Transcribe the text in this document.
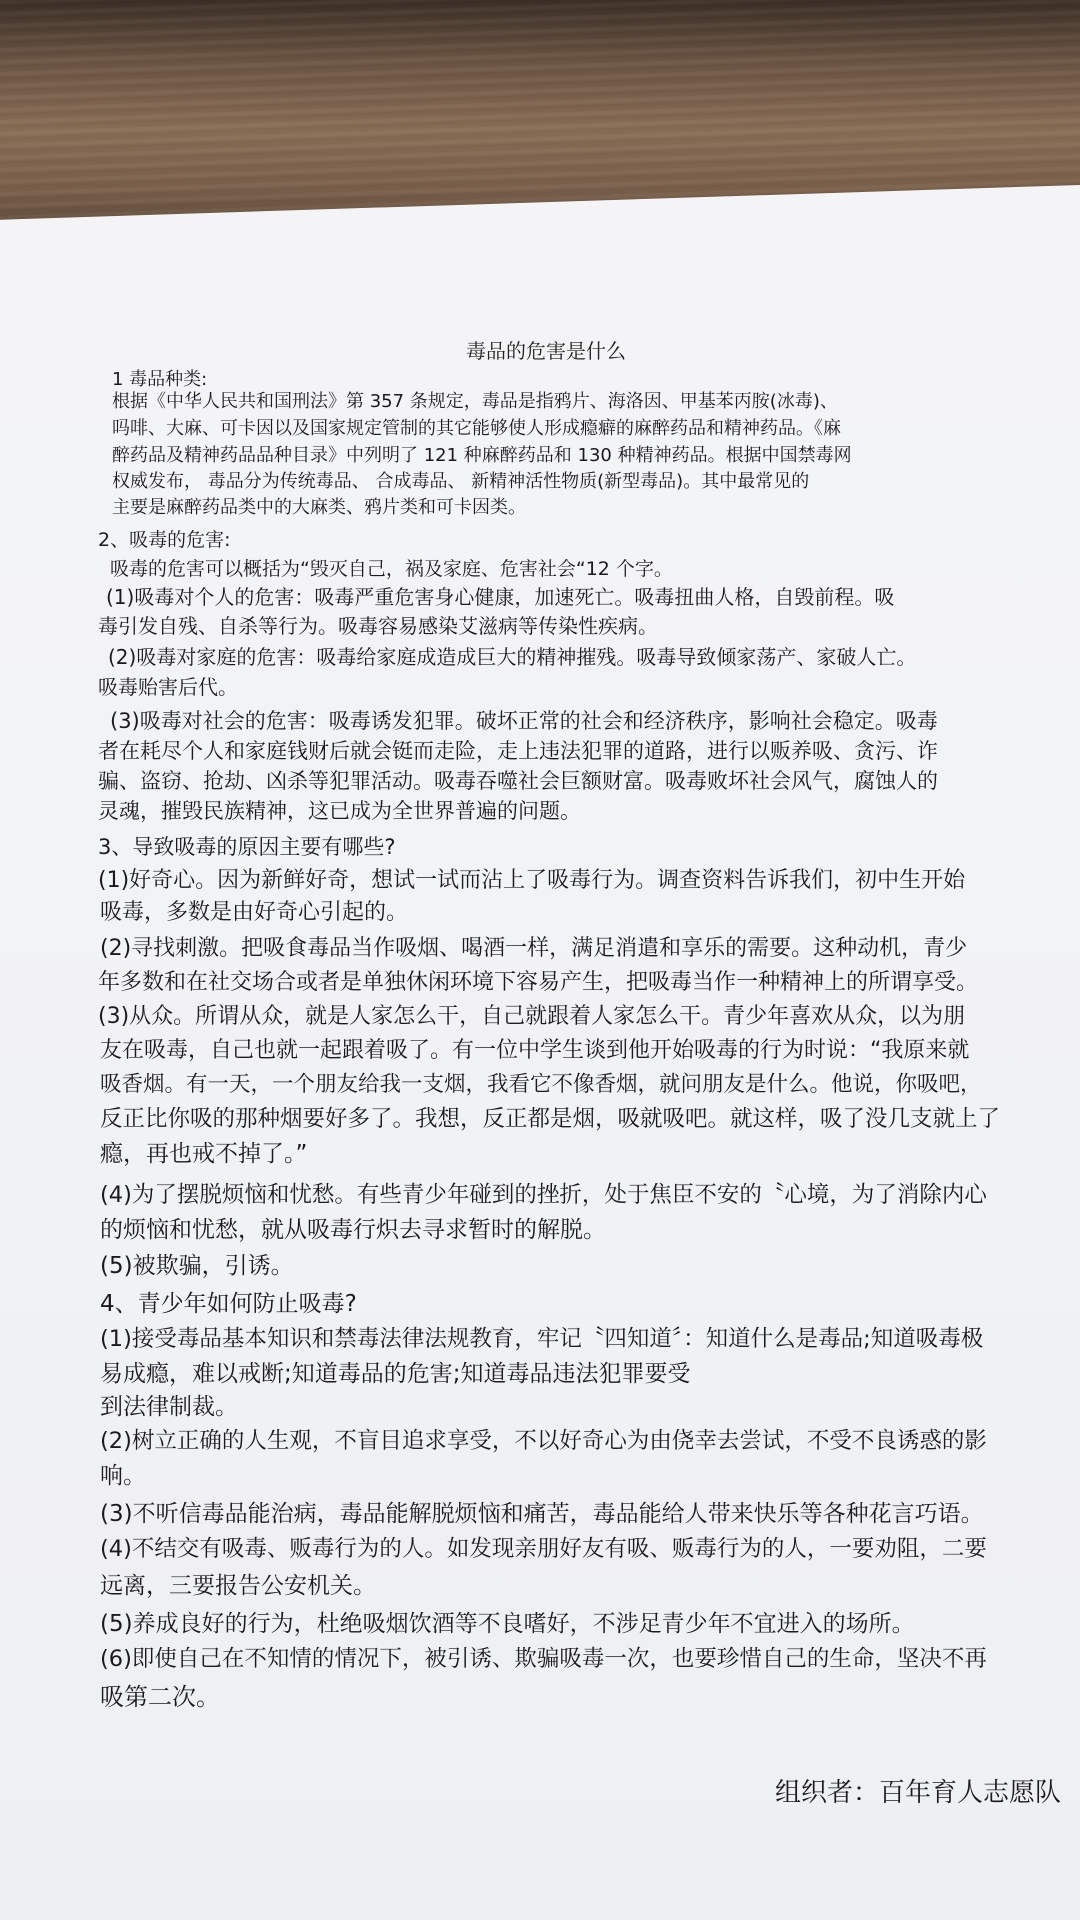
毒品的危害是什么
1 毒品种类:
根据《中华人民共和国刑法》第 357 条规定，毒品是指鸦片、海洛因、甲基苯丙胺(冰毒)、
吗啡、大麻、可卡因以及国家规定管制的其它能够使人形成瘾癖的麻醉药品和精神药品。《麻
醉药品及精神药品品种目录》中列明了 121 种麻醉药品和 130 种精神药品。根据中国禁毒网
权威发布， 毒品分为传统毒品、 合成毒品、 新精神活性物质(新型毒品)。其中最常见的
主要是麻醉药品类中的大麻类、鸦片类和可卡因类。
2、吸毒的危害:
吸毒的危害可以概括为“毁灭自己，祸及家庭、危害社会“12 个字。
(1)吸毒对个人的危害：吸毒严重危害身心健康，加速死亡。吸毒扭曲人格，自毁前程。吸
毒引发自残、自杀等行为。吸毒容易感染艾滋病等传染性疾病。
(2)吸毒对家庭的危害：吸毒给家庭成造成巨大的精神摧残。吸毒导致倾家荡产、家破人亡。
吸毒贻害后代。
(3)吸毒对社会的危害：吸毒诱发犯罪。破坏正常的社会和经济秩序，影响社会稳定。吸毒
者在耗尽个人和家庭钱财后就会铤而走险，走上违法犯罪的道路，进行以贩养吸、贪污、诈
骗、盗窃、抢劫、凶杀等犯罪活动。吸毒吞噬社会巨额财富。吸毒败坏社会风气，腐蚀人的
灵魂，摧毁民族精神，这已成为全世界普遍的问题。
3、导致吸毒的原因主要有哪些?
(1)好奇心。因为新鲜好奇，想试一试而沾上了吸毒行为。调查资料告诉我们，初中生开始
吸毒，多数是由好奇心引起的。
(2)寻找刺激。把吸食毒品当作吸烟、喝酒一样，满足消遣和享乐的需要。这种动机，青少
年多数和在社交场合或者是单独休闲环境下容易产生，把吸毒当作一种精神上的所谓享受。
(3)从众。所谓从众，就是人家怎么干，自己就跟着人家怎么干。青少年喜欢从众，以为朋
友在吸毒，自己也就一起跟着吸了。有一位中学生谈到他开始吸毒的行为时说：“我原来就
吸香烟。有一天，一个朋友给我一支烟，我看它不像香烟，就问朋友是什么。他说，你吸吧，
反正比你吸的那种烟要好多了。我想，反正都是烟，吸就吸吧。就这样，吸了没几支就上了
瘾，再也戒不掉了。”
(4)为了摆脱烦恼和忧愁。有些青少年碰到的挫折，处于焦臣不安的〝心境，为了消除内心
的烦恼和忧愁，就从吸毒行炽去寻求暂时的解脱。
(5)被欺骗，引诱。
4、青少年如何防止吸毒?
(1)接受毒品基本知识和禁毒法律法规教育，牢记〝四知道〞：知道什么是毒品;知道吸毒极
易成瘾，难以戒断;知道毒品的危害;知道毒品违法犯罪要受
到法律制裁。
(2)树立正确的人生观，不盲目追求享受，不以好奇心为由侥幸去尝试，不受不良诱惑的影
响。
(3)不听信毒品能治病，毒品能解脱烦恼和痛苦，毒品能给人带来快乐等各种花言巧语。
(4)不结交有吸毒、贩毒行为的人。如发现亲朋好友有吸、贩毒行为的人，一要劝阻，二要
远离，三要报告公安机关。
(5)养成良好的行为，杜绝吸烟饮酒等不良嗜好，不涉足青少年不宜进入的场所。
(6)即使自己在不知情的情况下，被引诱、欺骗吸毒一次，也要珍惜自己的生命，坚决不再
吸第二次。
组织者：百年育人志愿队
